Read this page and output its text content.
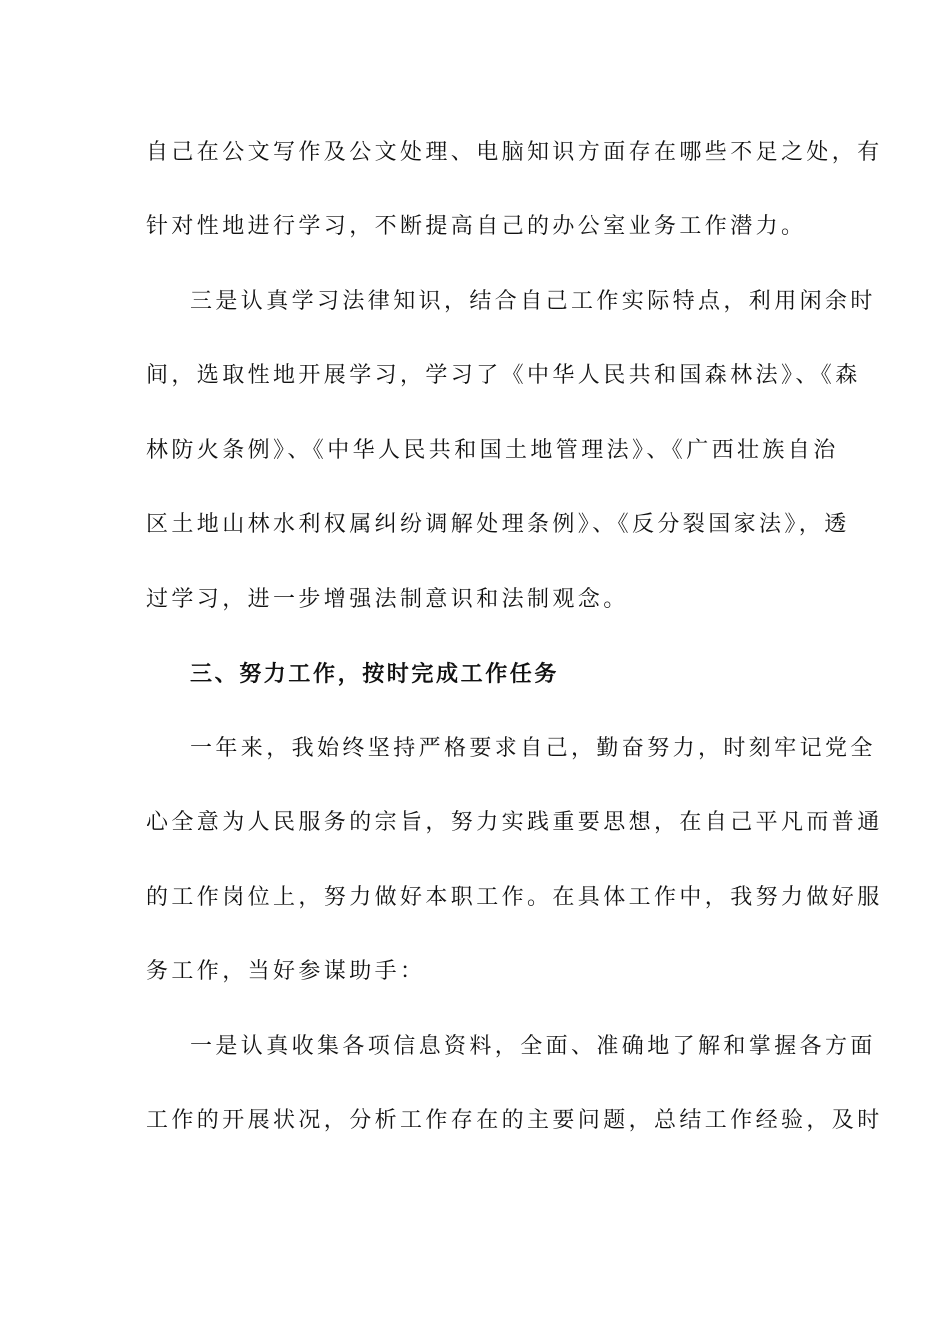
自己在公文写作及公文处理、电脑知识方面存在哪些不足之处，有
针对性地进行学习，不断提高自己的办公室业务工作潜力。
三是认真学习法律知识，结合自己工作实际特点，利用闲余时
间，选取性地开展学习，学习了《中华人民共和国森林法》、《森
林防火条例》、《中华人民共和国土地管理法》、《广西壮族自治
区土地山林水利权属纠纷调解处理条例》、《反分裂国家法》，透
过学习，进一步增强法制意识和法制观念。
三、努力工作，按时完成工作任务
一年来，我始终坚持严格要求自己，勤奋努力，时刻牢记党全
心全意为人民服务的宗旨，努力实践重要思想，在自己平凡而普通
的工作岗位上，努力做好本职工作。在具体工作中，我努力做好服
务工作，当好参谋助手：
一是认真收集各项信息资料，全面、准确地了解和掌握各方面
工作的开展状况，分析工作存在的主要问题，总结工作经验，及时
